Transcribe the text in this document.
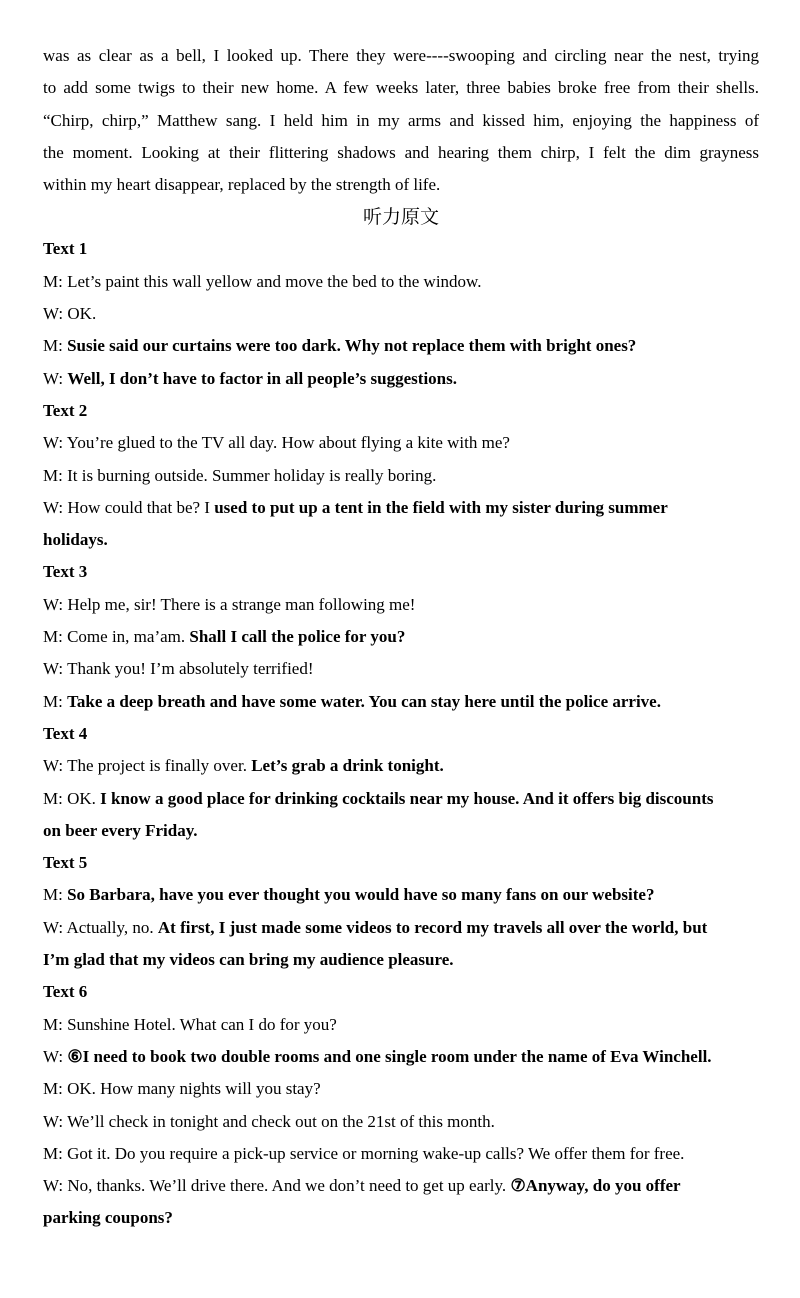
was as clear as a bell, I looked up. There they were----swooping and circling near the nest, trying

to add some twigs to their new home. A few weeks later, three babies broke free from their shells.

“Chirp, chirp,” Matthew sang. I held him in my arms and kissed him, enjoying the happiness of

the moment. Looking at their flittering shadows and hearing them chirp, I felt the dim grayness

within my heart disappear, replaced by the strength of life.

听力原文

Text 1

M: Let’s paint this wall yellow and move the bed to the window.

W: OK.

M: Susie said our curtains were too dark. Why not replace them with bright ones?

W: Well, I don’t have to factor in all people’s suggestions.

Text 2

W: You’re glued to the TV all day. How about flying a kite with me?

M: It is burning outside. Summer holiday is really boring.

W: How could that be? I used to put up a tent in the field with my sister during summer

holidays.

Text 3

W: Help me, sir! There is a strange man following me!

M: Come in, ma’am. Shall I call the police for you?

W: Thank you! I’m absolutely terrified!

M: Take a deep breath and have some water. You can stay here until the police arrive.

Text 4

W: The project is finally over. Let’s grab a drink tonight.

M: OK. I know a good place for drinking cocktails near my house. And it offers big discounts

on beer every Friday.

Text 5

M: So Barbara, have you ever thought you would have so many fans on our website?

W: Actually, no. At first, I just made some videos to record my travels all over the world, but

I’m glad that my videos can bring my audience pleasure.

Text 6

M: Sunshine Hotel. What can I do for you?

W: ⑥I need to book two double rooms and one single room under the name of Eva Winchell.

M: OK. How many nights will you stay?

W: We’ll check in tonight and check out on the 21st of this month.

M: Got it. Do you require a pick-up service or morning wake-up calls? We offer them for free.

W: No, thanks. We’ll drive there. And we don’t need to get up early. ⑦Anyway, do you offer

parking coupons?
